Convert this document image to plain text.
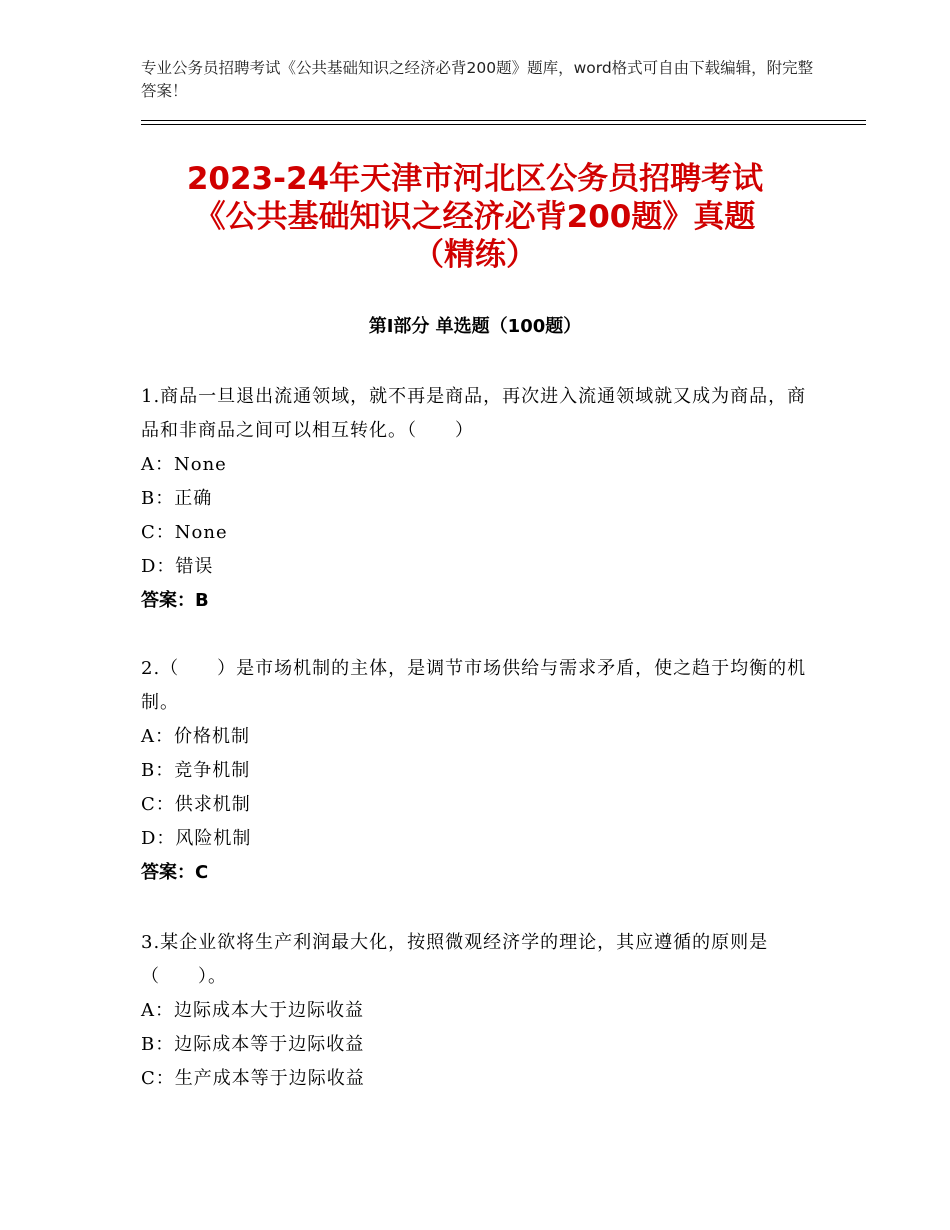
专业公务员招聘考试《公共基础知识之经济必背200题》题库，word格式可自由下载编辑，附完整答案！
2023-24年天津市河北区公务员招聘考试
《公共基础知识之经济必背200题》真题
（精练）
第Ⅰ部分 单选题（100题）
1.商品一旦退出流通领域，就不再是商品，再次进入流通领域就又成为商品，商品和非商品之间可以相互转化。（　　）
A：None
B：正确
C：None
D：错误
答案：B
2.（　　）是市场机制的主体，是调节市场供给与需求矛盾，使之趋于均衡的机制。
A：价格机制
B：竞争机制
C：供求机制
D：风险机制
答案：C
3.某企业欲将生产利润最大化，按照微观经济学的理论，其应遵循的原则是（　　）。
A：边际成本大于边际收益
B：边际成本等于边际收益
C：生产成本等于边际收益
